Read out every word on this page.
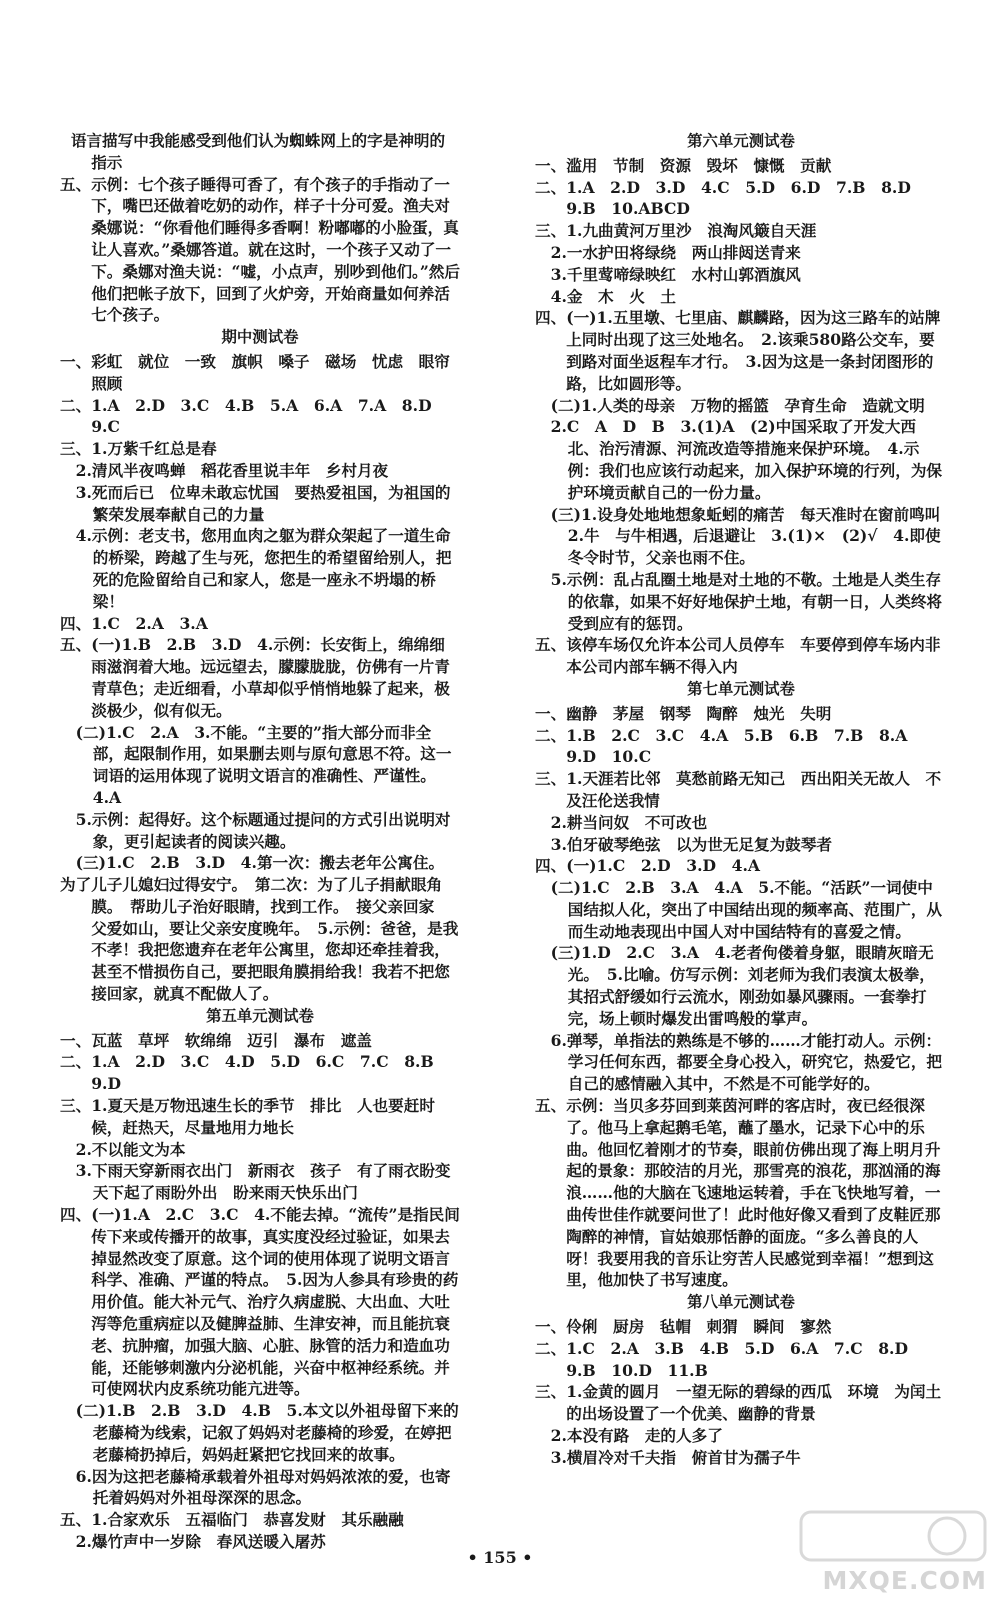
语言描写中我能感受到他们认为蜘蛛网上的字是神明的指示

五、示例：七个孩子睡得可香了，有个孩子的手指动了一下，嘴巴还做着吃奶的动作，样子十分可爱。渔夫对桑娜说：“你看他们睡得多香啊！粉嘟嘟的小脸蛋，真让人喜欢。”桑娜答道。就在这时，一个孩子又动了一下。桑娜对渔夫说：“嘘，小点声，别吵到他们。”然后他们把帐子放下，回到了火炉旁，开始商量如何养活七个孩子。

期中测试卷

一、彩虹　就位　一致　旗帜　嗓子　磁场　忧虑　眼帘　照顾

二、1.A　2.D　3.C　4.B　5.A　6.A　7.A　8.D　9.C

三、1.万紫千红总是春

2.清风半夜鸣蝉　稻花香里说丰年　乡村月夜

3.死而后已　位卑未敢忘忧国　要热爱祖国，为祖国的繁荣发展奉献自己的力量

4.示例：老支书，您用血肉之躯为群众架起了一道生命的桥梁，跨越了生与死，您把生的希望留给别人，把死的危险留给自己和家人，您是一座永不坍塌的桥梁！

四、1.C　2.A　3.A

五、(一)1.B　2.B　3.D　4.示例：长安街上，绵绵细雨滋润着大地。远远望去，朦朦胧胧，仿佛有一片青青草色；走近细看，小草却似乎悄悄地躲了起来，极淡极少，似有似无。

(二)1.C　2.A　3.不能。“主要的”指大部分而非全部，起限制作用，如果删去则与原句意思不符。这一词语的运用体现了说明文语言的准确性、严谨性。　4.A

5.示例：起得好。这个标题通过提问的方式引出说明对象，更引起读者的阅读兴趣。

(三)1.C　2.B　3.D　4.第一次：搬去老年公寓住。

为了儿子儿媳妇过得安宁。　第二次：为了儿子捐献眼角膜。　帮助儿子治好眼睛，找到工作。　接父亲回家　父爱如山，要让父亲安度晚年。　5.示例：爸爸，是我不孝！我把您遗弃在老年公寓里，您却还牵挂着我，甚至不惜损伤自己，要把眼角膜捐给我！我若不把您接回家，就真不配做人了。

第五单元测试卷

一、瓦蓝　草坪　软绵绵　迈引　瀑布　遮盖

二、1.A　2.D　3.C　4.D　5.D　6.C　7.C　8.B　9.D

三、1.夏天是万物迅速生长的季节　排比　人也要赶时候，赶热天，尽量地用力地长

2.不以能文为本

3.下雨天穿新雨衣出门　新雨衣　孩子　有了雨衣盼变天下起了雨盼外出　盼来雨天快乐出门

四、(一)1.A　2.C　3.C　4.不能去掉。“流传”是指民间传下来或传播开的故事，真实度没经过验证，如果去掉显然改变了原意。这个词的使用体现了说明文语言科学、准确、严谨的特点。　5.因为人参具有珍贵的药用价值。能大补元气、治疗久病虚脱、大出血、大吐泻等危重病症以及健脾益肺、生津安神，而且能抗衰老、抗肿瘤，加强大脑、心脏、脉管的活力和造血功能，还能够刺激内分泌机能，兴奋中枢神经系统。并可使网状内皮系统功能亢进等。

(二)1.B　2.B　3.D　4.B　5.本文以外祖母留下来的老藤椅为线索，记叙了妈妈对老藤椅的珍爱，在婷把老藤椅扔掉后，妈妈赶紧把它找回来的故事。

6.因为这把老藤椅承载着外祖母对妈妈浓浓的爱，也寄托着妈妈对外祖母深深的思念。

五、1.合家欢乐　五福临门　恭喜发财　其乐融融

2.爆竹声中一岁除　春风送暖入屠苏

第六单元测试卷

一、滥用　节制　资源　毁坏　慷慨　贡献

二、1.A　2.D　3.D　4.C　5.D　6.D　7.B　8.D　9.B　10.ABCD

三、1.九曲黄河万里沙　浪淘风簸自天涯

2.一水护田将绿绕　两山排闼送青来

3.千里莺啼绿映红　水村山郭酒旗风

4.金　木　火　土

四、(一)1.五里墩、七里庙、麒麟路，因为这三路车的站牌上同时出现了这三处地名。　2.该乘580路公交车，要到路对面坐返程车才行。　3.因为这是一条封闭图形的路，比如圆形等。

(二)1.人类的母亲　万物的摇篮　孕育生命　造就文明

2.C　A　D　B　3.(1)A　(2)中国采取了开发大西北、治污清源、河流改造等措施来保护环境。　4.示例：我们也应该行动起来，加入保护环境的行列，为保护环境贡献自己的一份力量。

(三)1.设身处地地想象蚯蚓的痛苦　每天准时在窗前鸣叫　2.牛　与牛相遇，后退避让　3.(1)×　(2)√　4.即使冬令时节，父亲也雨不住。

5.示例：乱占乱圈土地是对土地的不敬。土地是人类生存的依靠，如果不好好地保护土地，有朝一日，人类终将受到应有的惩罚。

五、该停车场仅允许本公司人员停车　车要停到停车场内非本公司内部车辆不得入内

第七单元测试卷

一、幽静　茅屋　钢琴　陶醉　烛光　失明

二、1.B　2.C　3.C　4.A　5.B　6.B　7.B　8.A　9.D　10.C

三、1.天涯若比邻　莫愁前路无知己　西出阳关无故人　不及汪伦送我情

2.耕当问奴　不可改也

3.伯牙破琴绝弦　以为世无足复为鼓琴者

四、(一)1.C　2.D　3.D　4.A

(二)1.C　2.B　3.A　4.A　5.不能。“活跃”一词使中国结拟人化，突出了中国结出现的频率高、范围广，从而生动地表现出中国人对中国结特有的喜爱之情。

(三)1.D　2.C　3.A　4.老者佝偻着身躯，眼睛灰暗无光。　5.比喻。仿写示例：刘老师为我们表演太极拳，其招式舒缓如行云流水，刚劲如暴风骤雨。一套拳打完，场上顿时爆发出雷鸣般的掌声。

6.弹琴，单指法的熟练是不够的……才能打动人。示例：学习任何东西，都要全身心投入，研究它，热爱它，把自己的感情融入其中，不然是不可能学好的。

五、示例：当贝多芬回到莱茵河畔的客店时，夜已经很深了。他马上拿起鹅毛笔，蘸了墨水，记录下心中的乐曲。他回忆着刚才的节奏，眼前仿佛出现了海上明月升起的景象：那皎洁的月光，那雪亮的浪花，那汹涌的海浪……他的大脑在飞速地运转着，手在飞快地写着，一曲传世佳作就要问世了！此时他好像又看到了皮鞋匠那陶醉的神情，盲姑娘那恬静的面庞。“多么善良的人呀！我要用我的音乐让穷苦人民感觉到幸福！”想到这里，他加快了书写速度。

第八单元测试卷

一、伶俐　厨房　毡帽　刺猬　瞬间　寥然

二、1.C　2.A　3.B　4.B　5.D　6.A　7.C　8.D　9.B　10.D　11.B

三、1.金黄的圆月　一望无际的碧绿的西瓜　环境　为闰土的出场设置了一个优美、幽静的背景

2.本没有路　走的人多了

3.横眉冷对千夫指　俯首甘为孺子牛

• 155 •
MXQE.COM
